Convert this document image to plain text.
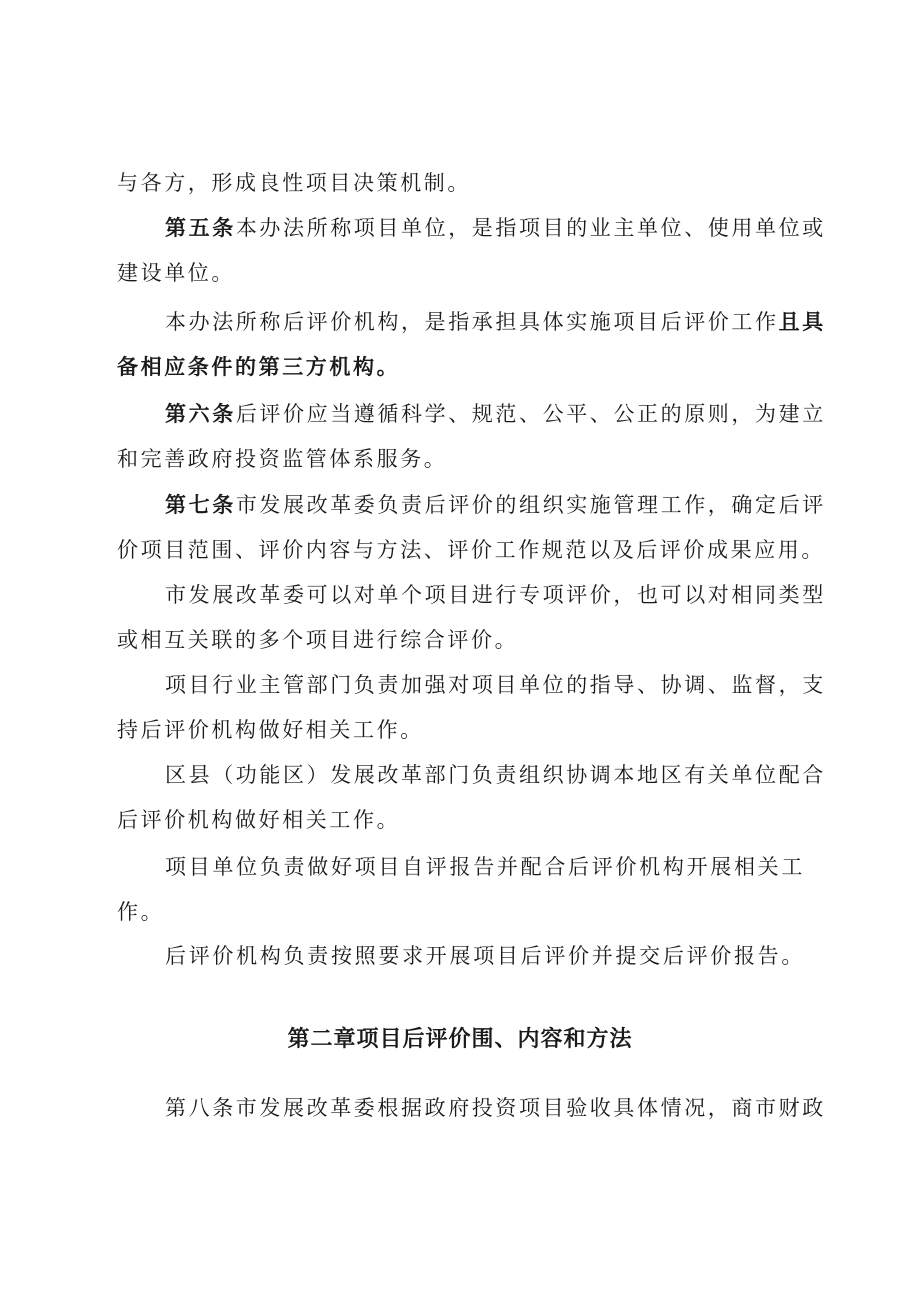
与各方，形成良性项目决策机制。
第五条本办法所称项目单位，是指项目的业主单位、使用单位或
建设单位。
本办法所称后评价机构，是指承担具体实施项目后评价工作且具
备相应条件的第三方机构。
第六条后评价应当遵循科学、规范、公平、公正的原则，为建立
和完善政府投资监管体系服务。
第七条市发展改革委负责后评价的组织实施管理工作，确定后评
价项目范围、评价内容与方法、评价工作规范以及后评价成果应用。
市发展改革委可以对单个项目进行专项评价，也可以对相同类型
或相互关联的多个项目进行综合评价。
项目行业主管部门负责加强对项目单位的指导、协调、监督，支
持后评价机构做好相关工作。
区县（功能区）发展改革部门负责组织协调本地区有关单位配合
后评价机构做好相关工作。
项目单位负责做好项目自评报告并配合后评价机构开展相关工
作。
后评价机构负责按照要求开展项目后评价并提交后评价报告。
第二章项目后评价围、内容和方法
第八条市发展改革委根据政府投资项目验收具体情况，商市财政
